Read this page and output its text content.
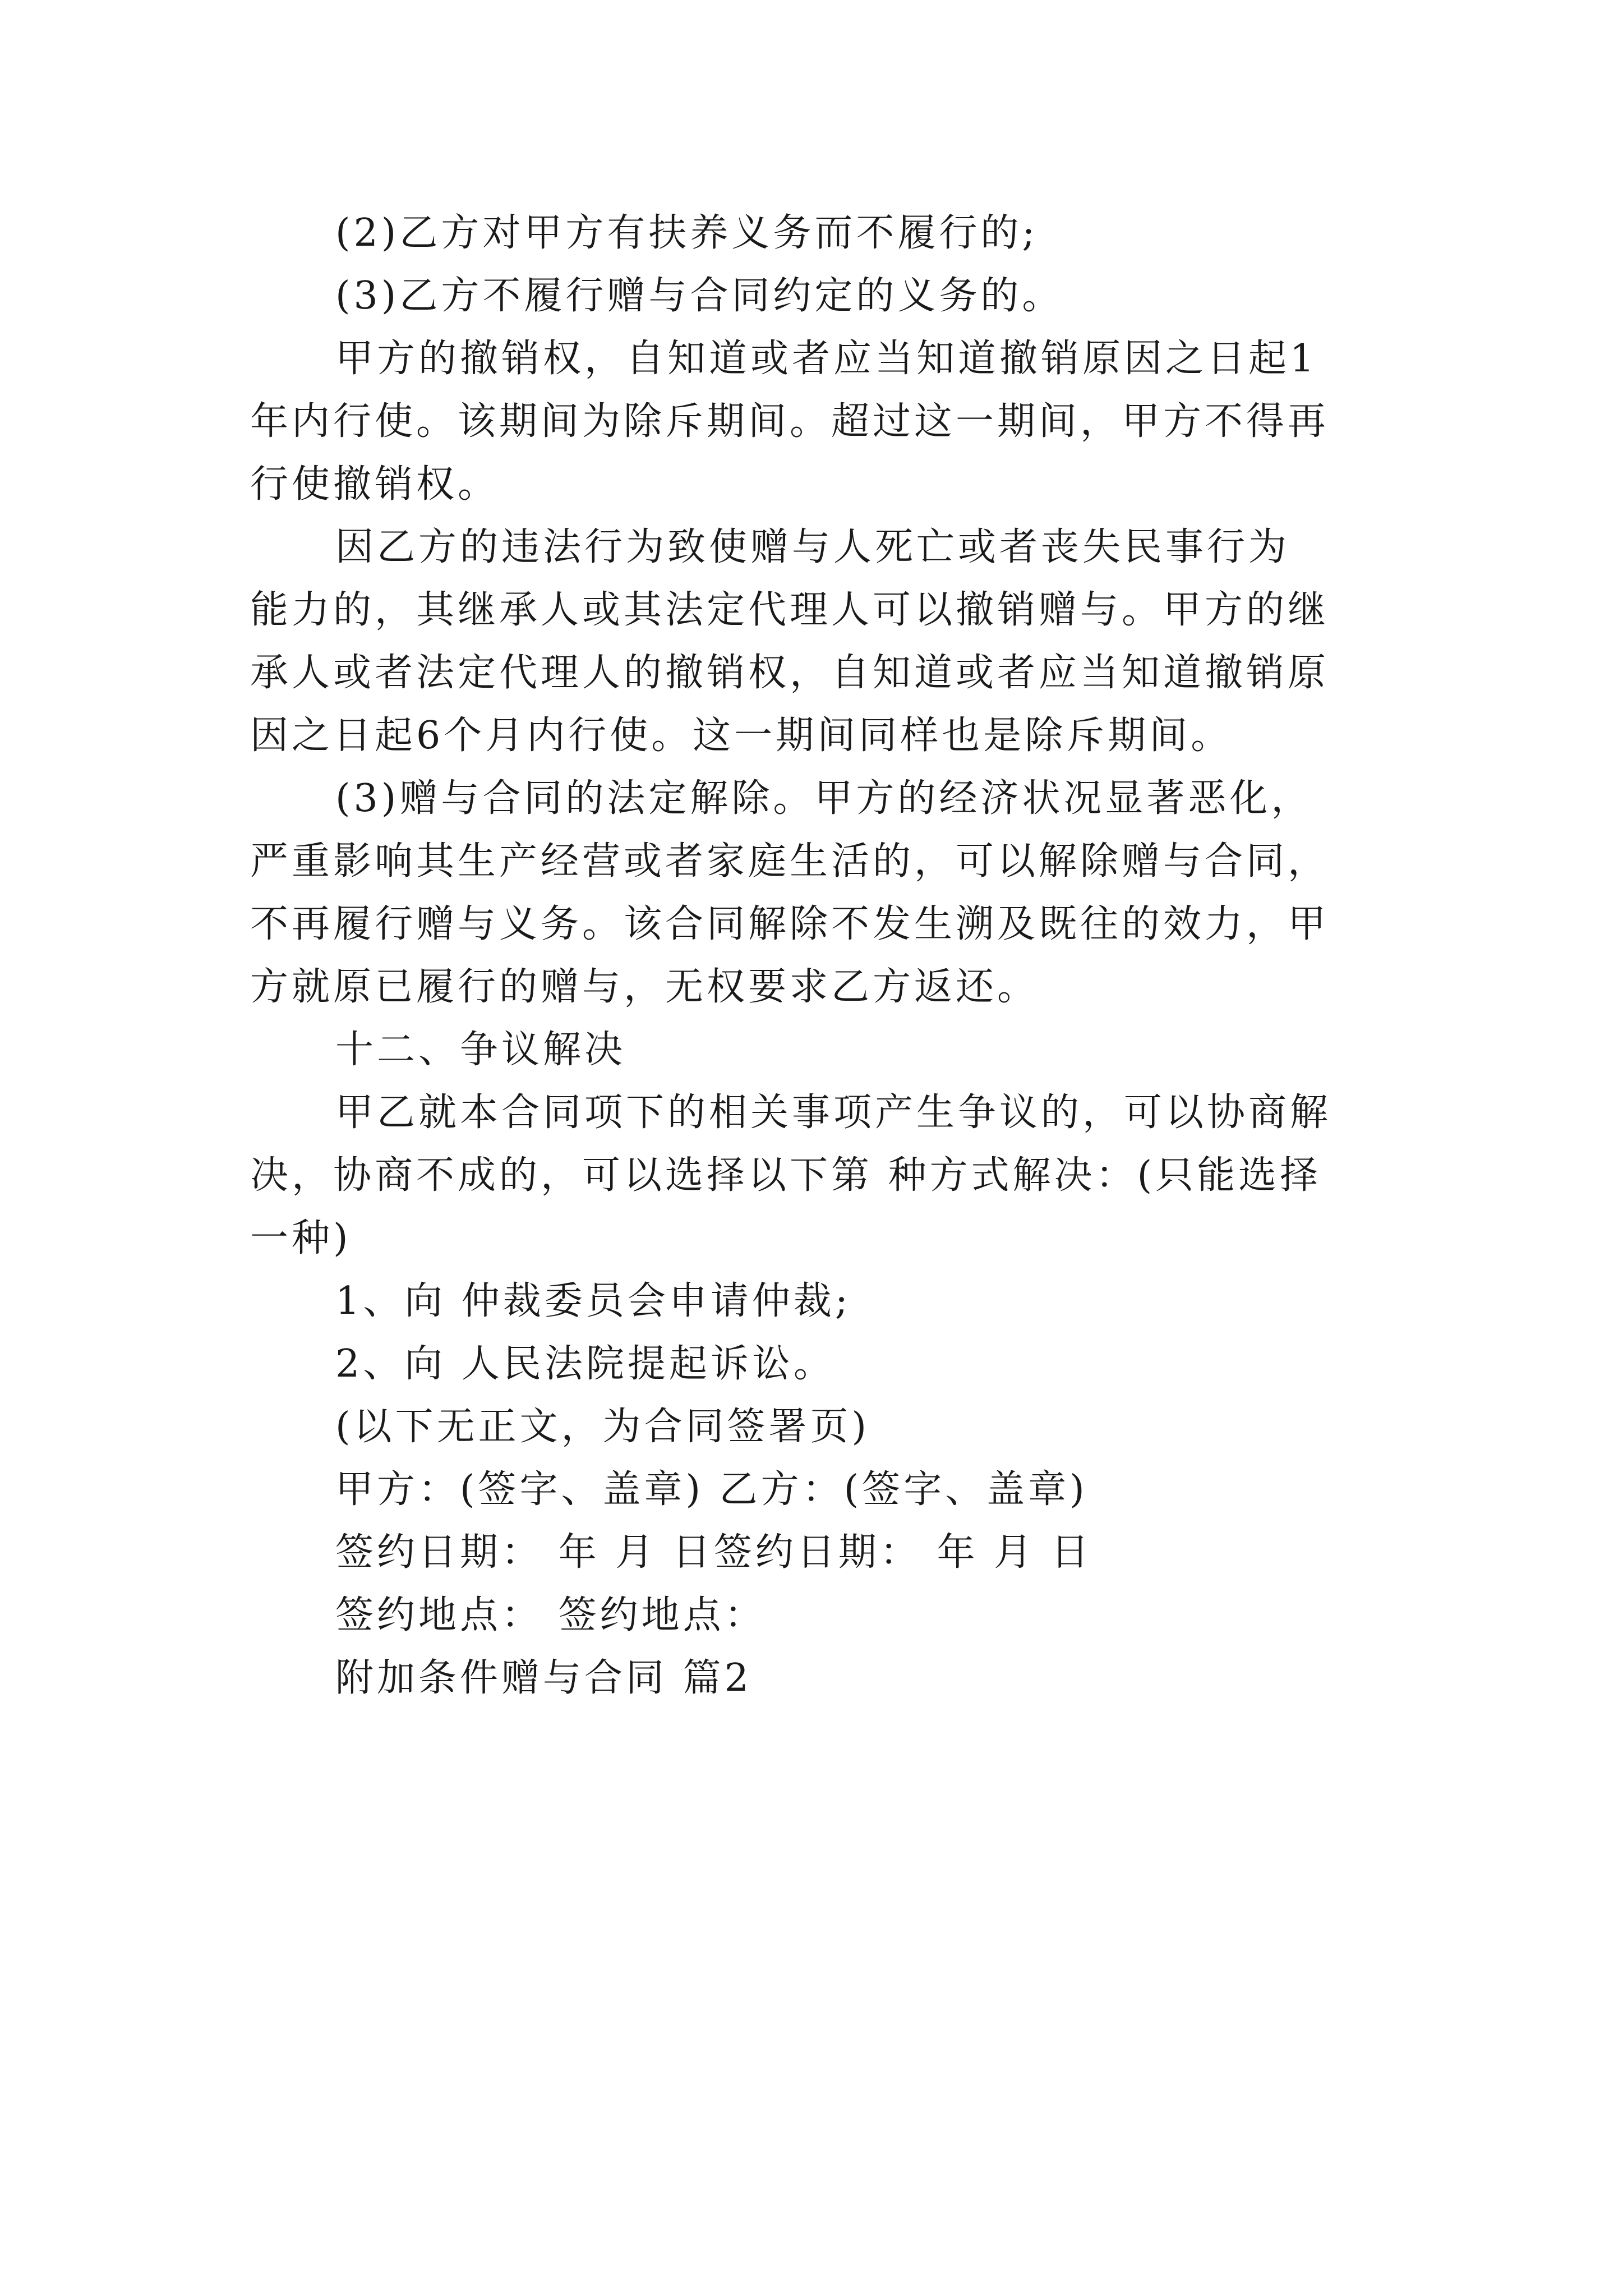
(2)乙方对甲方有扶养义务而不履行的;
(3)乙方不履行赠与合同约定的义务的。
甲方的撤销权，自知道或者应当知道撤销原因之日起1
年内行使。该期间为除斥期间。超过这一期间，甲方不得再
行使撤销权。
因乙方的违法行为致使赠与人死亡或者丧失民事行为
能力的，其继承人或其法定代理人可以撤销赠与。甲方的继
承人或者法定代理人的撤销权，自知道或者应当知道撤销原
因之日起6个月内行使。这一期间同样也是除斥期间。
(3)赠与合同的法定解除。甲方的经济状况显著恶化，
严重影响其生产经营或者家庭生活的，可以解除赠与合同，
不再履行赠与义务。该合同解除不发生溯及既往的效力，甲
方就原已履行的赠与，无权要求乙方返还。
十二、争议解决
甲乙就本合同项下的相关事项产生争议的，可以协商解
决，协商不成的，可以选择以下第 种方式解决：(只能选择
一种)
1、向 仲裁委员会申请仲裁;
2、向 人民法院提起诉讼。
(以下无正文，为合同签署页)
甲方：(签字、盖章) 乙方：(签字、盖章)
签约日期： 年 月 日签约日期： 年 月 日
签约地点： 签约地点：
附加条件赠与合同 篇2
